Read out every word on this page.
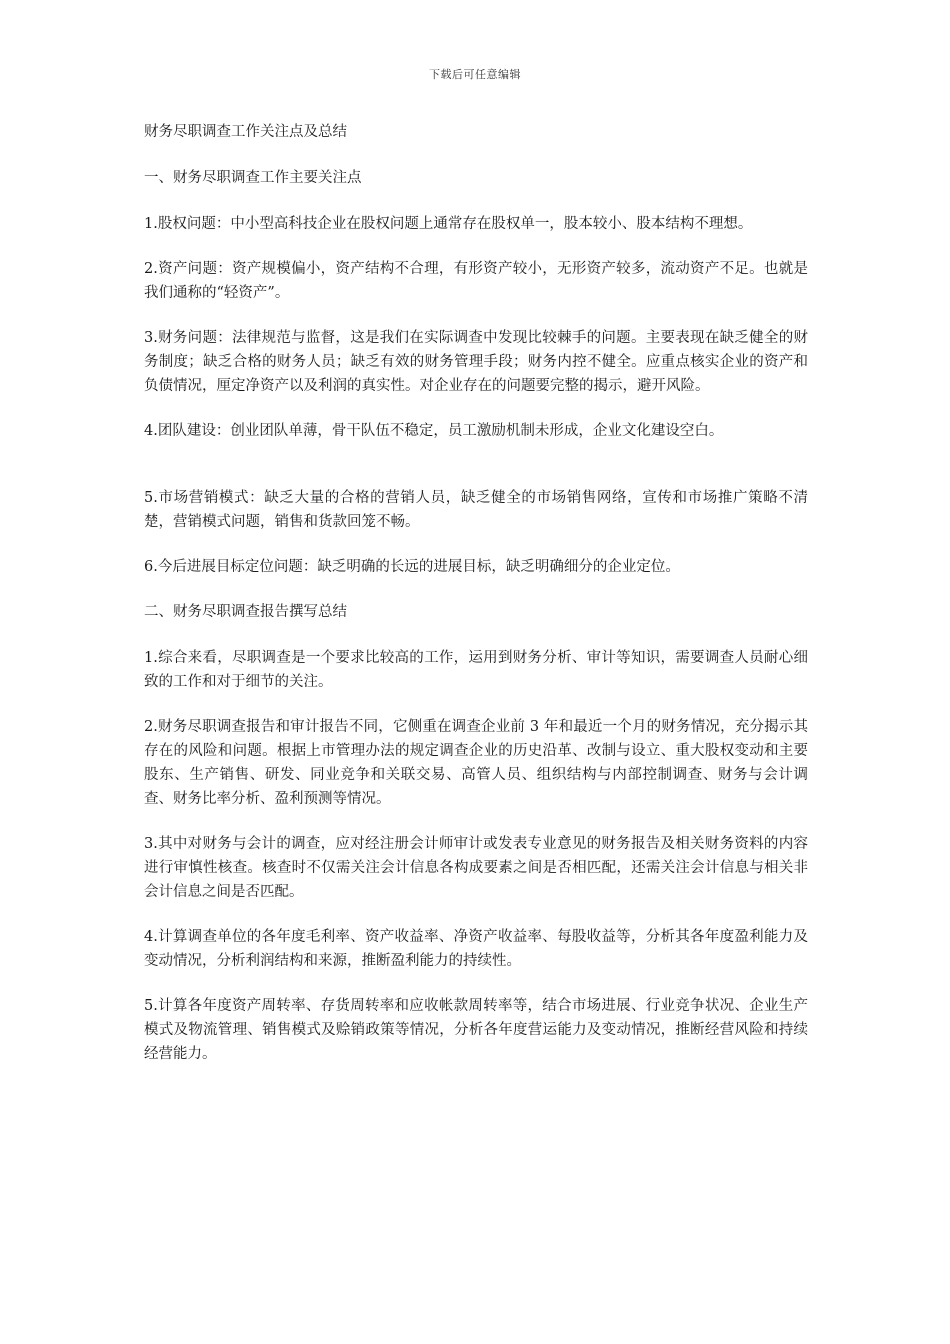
下载后可任意编辑

财务尽职调查工作关注点及总结

一、财务尽职调查工作主要关注点

1.股权问题：中小型高科技企业在股权问题上通常存在股权单一，股本较小、股本结构不理想。

2.资产问题：资产规模偏小，资产结构不合理，有形资产较小，无形资产较多，流动资产不足。也就是我们通称的“轻资产”。

3.财务问题：法律规范与监督，这是我们在实际调查中发现比较棘手的问题。主要表现在缺乏健全的财务制度；缺乏合格的财务人员；缺乏有效的财务管理手段；财务内控不健全。应重点核实企业的资产和负债情况，厘定净资产以及利润的真实性。对企业存在的问题要完整的揭示，避开风险。

4.团队建设：创业团队单薄，骨干队伍不稳定，员工激励机制未形成，企业文化建设空白。

5.市场营销模式：缺乏大量的合格的营销人员，缺乏健全的市场销售网络，宣传和市场推广策略不清楚，营销模式问题，销售和货款回笼不畅。

6.今后进展目标定位问题：缺乏明确的长远的进展目标，缺乏明确细分的企业定位。

二、财务尽职调查报告撰写总结

1.综合来看，尽职调查是一个要求比较高的工作，运用到财务分析、审计等知识，需要调查人员耐心细致的工作和对于细节的关注。

2.财务尽职调查报告和审计报告不同，它侧重在调查企业前 3 年和最近一个月的财务情况，充分揭示其存在的风险和问题。根据上市管理办法的规定调查企业的历史沿革、改制与设立、重大股权变动和主要股东、生产销售、研发、同业竞争和关联交易、高管人员、组织结构与内部控制调查、财务与会计调查、财务比率分析、盈利预测等情况。

3.其中对财务与会计的调查，应对经注册会计师审计或发表专业意见的财务报告及相关财务资料的内容进行审慎性核查。核查时不仅需关注会计信息各构成要素之间是否相匹配，还需关注会计信息与相关非会计信息之间是否匹配。

4.计算调查单位的各年度毛利率、资产收益率、净资产收益率、每股收益等，分析其各年度盈利能力及变动情况，分析利润结构和来源，推断盈利能力的持续性。

5.计算各年度资产周转率、存货周转率和应收帐款周转率等，结合市场进展、行业竞争状况、企业生产模式及物流管理、销售模式及赊销政策等情况，分析各年度营运能力及变动情况，推断经营风险和持续经营能力。
